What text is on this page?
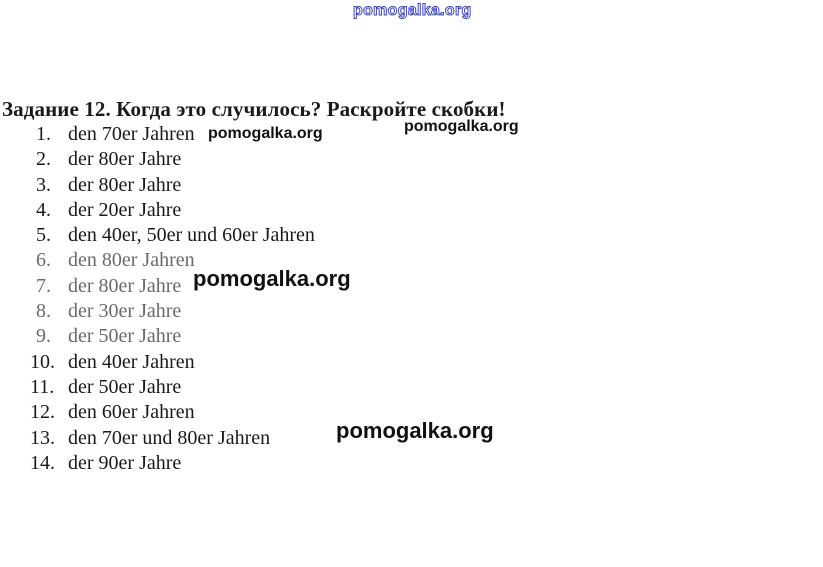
pomogalka.org
Задание 12. Когда это случилось? Раскройте скобки!
1. den 70er Jahren
2. der 80er Jahre
3. der 80er Jahre
4. der 20er Jahre
5. den 40er, 50er und 60er Jahren
6. den 80er Jahren
7. der 80er Jahre
8. der 30er Jahre
9. der 50er Jahre
10. den 40er Jahren
11. der 50er Jahre
12. den 60er Jahren
13. den 70er und 80er Jahren
14. der 90er Jahre
pomogalka.org	pomogalka.org
pomogalka.org
pomogalka.org
